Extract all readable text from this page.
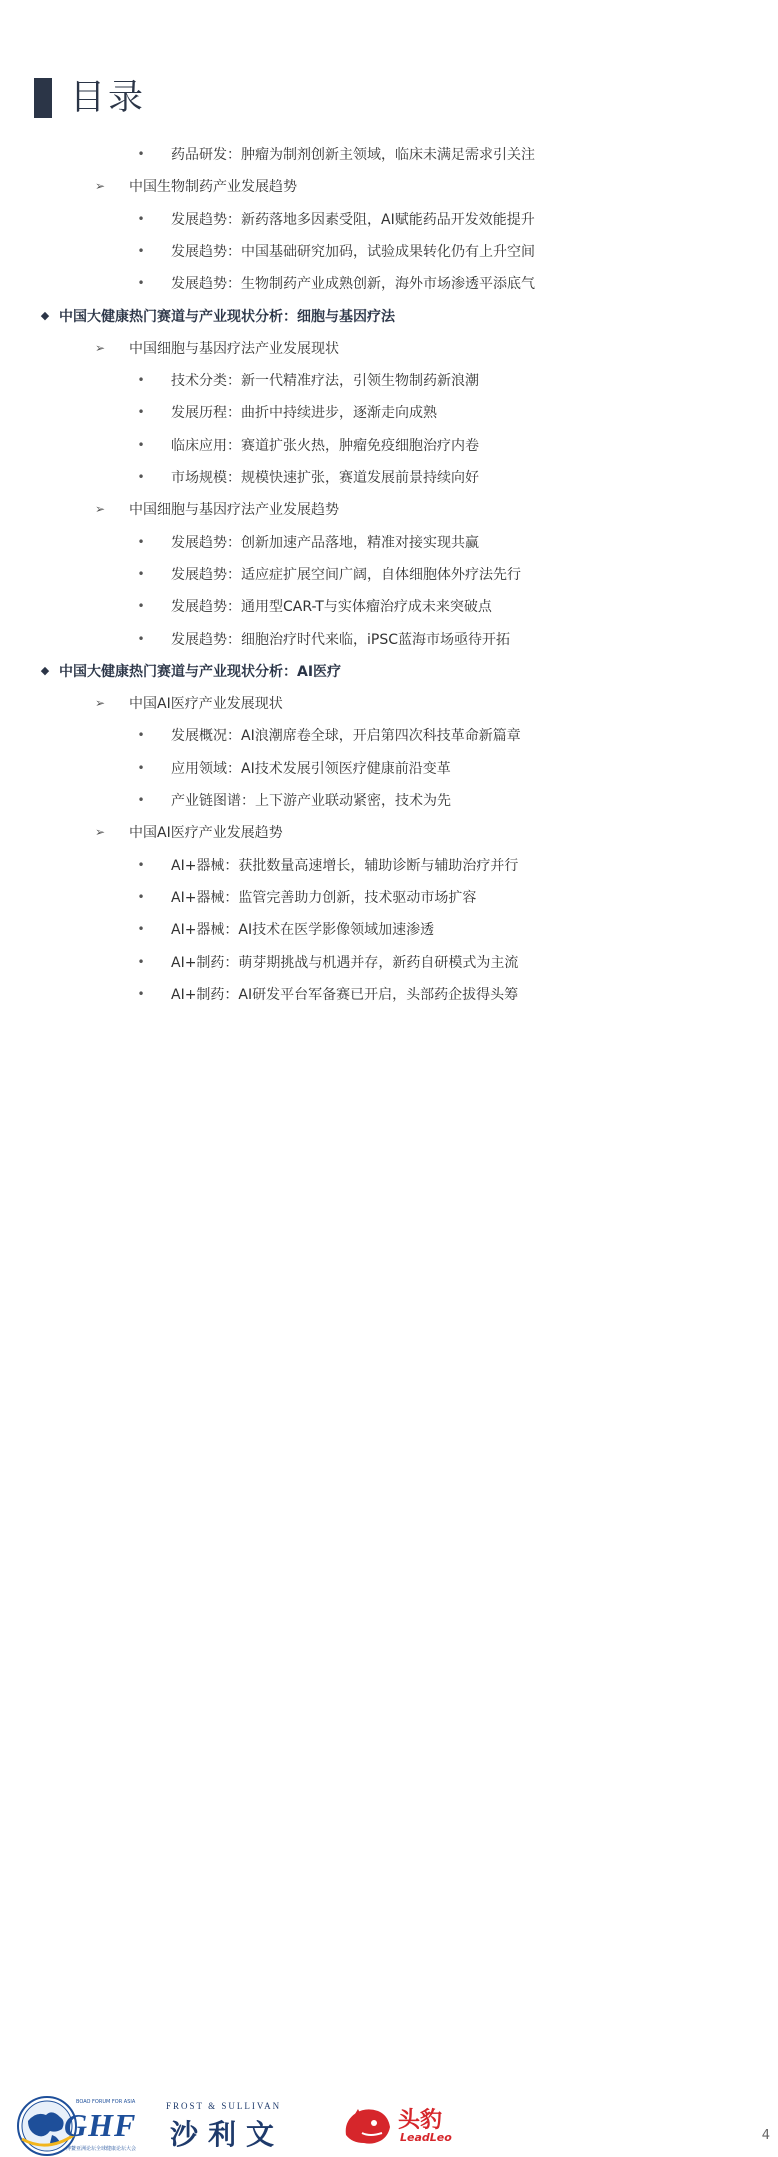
目录
• 药品研发：肿瘤为制剂创新主领域，临床未满足需求引关注
➢ 中国生物制药产业发展趋势
• 发展趋势：新药落地多因素受阻，AI赋能药品开发效能提升
• 发展趋势：中国基础研究加码，试验成果转化仍有上升空间
• 发展趋势：生物制药产业成熟创新，海外市场渗透平添底气
◆ 中国大健康热门赛道与产业现状分析：细胞与基因疗法
➢ 中国细胞与基因疗法产业发展现状
• 技术分类：新一代精准疗法，引领生物制药新浪潮
• 发展历程：曲折中持续进步，逐渐走向成熟
• 临床应用：赛道扩张火热，肿瘤免疫细胞治疗内卷
• 市场规模：规模快速扩张，赛道发展前景持续向好
➢ 中国细胞与基因疗法产业发展趋势
• 发展趋势：创新加速产品落地，精准对接实现共赢
• 发展趋势：适应症扩展空间广阔，自体细胞体外疗法先行
• 发展趋势：通用型CAR-T与实体瘤治疗成未来突破点
• 发展趋势：细胞治疗时代来临，iPSC蓝海市场亟待开拓
◆ 中国大健康热门赛道与产业现状分析：AI医疗
➢ 中国AI医疗产业发展现状
• 发展概况：AI浪潮席卷全球，开启第四次科技革命新篇章
• 应用领域：AI技术发展引领医疗健康前沿变革
• 产业链图谱：上下游产业联动紧密，技术为先
➢ 中国AI医疗产业发展趋势
• AI+器械：获批数量高速增长，辅助诊断与辅助治疗并行
• AI+器械：监管完善助力创新，技术驱动市场扩容
• AI+器械：AI技术在医学影像领域加速渗透
• AI+制药：萌芽期挑战与机遇并存，新药自研模式为主流
• AI+制药：AI研发平台军备赛已开启，头部药企拔得头筹
BOAO FORUM FOR ASIA
GHF
博鳌亚洲论坛全球健康论坛大会
FROST & SULLIVAN
沙利文	头豹
LeadLeo	4
